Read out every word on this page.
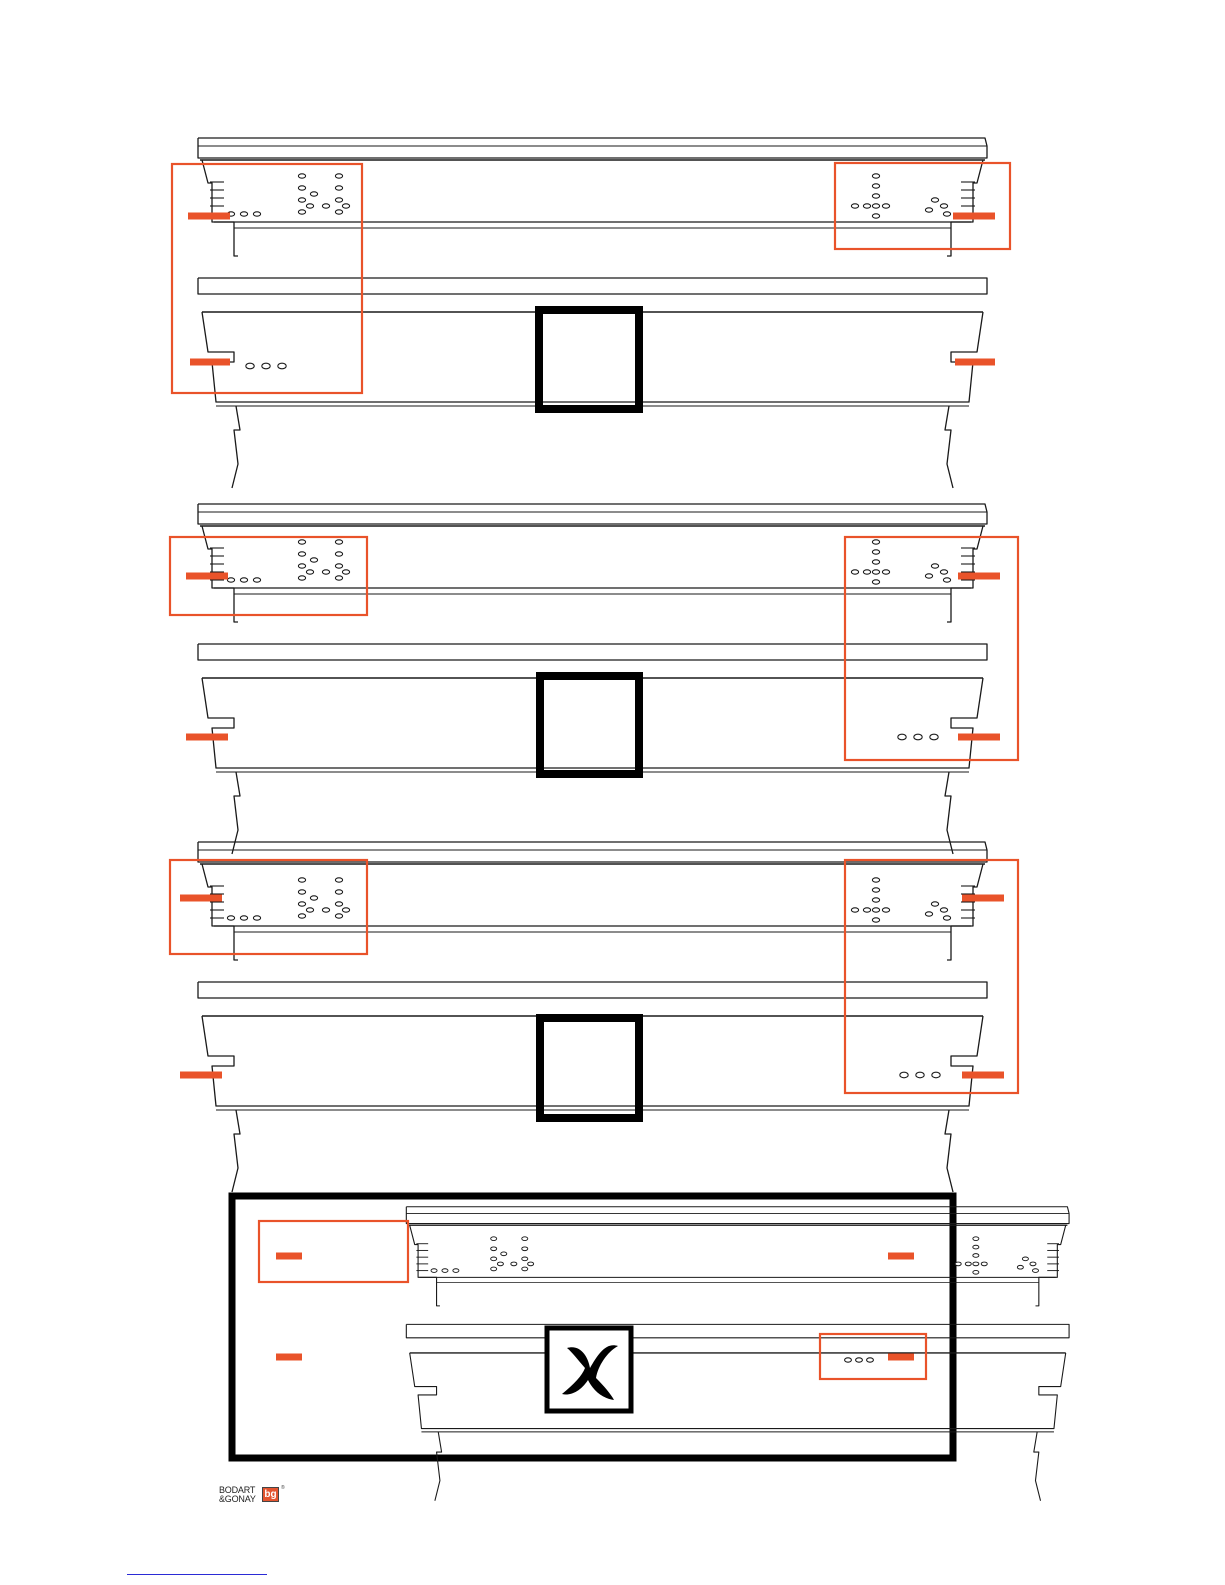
BODART
&GONAY bg
®
